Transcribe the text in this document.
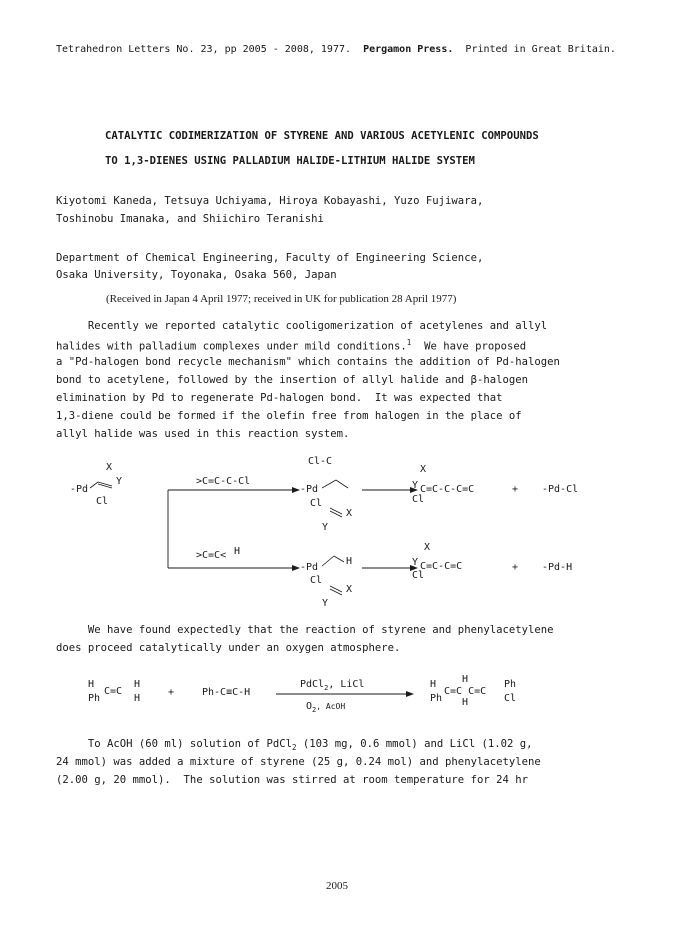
Tetrahedron Letters No. 23, pp 2005 - 2008, 1977. Pergamon Press. Printed in Great Britain.
CATALYTIC CODIMERIZATION OF STYRENE AND VARIOUS ACETYLENIC COMPOUNDS
TO 1,3-DIENES USING PALLADIUM HALIDE-LITHIUM HALIDE SYSTEM
Kiyotomi Kaneda, Tetsuya Uchiyama, Hiroya Kobayashi, Yuzo Fujiwara,
Toshinobu Imanaka, and Shiichiro Teranishi
Department of Chemical Engineering, Faculty of Engineering Science,
Osaka University, Toyonaka, Osaka 560, Japan
(Received in Japan 4 April 1977; received in UK for publication 28 April 1977)
Recently we reported catalytic cooligomerization of acetylenes and allyl
halides with palladium complexes under mild conditions.$^1$  We have proposed
a "Pd-halogen bond recycle mechanism" which contains the addition of Pd-halogen
bond to acetylene, followed by the insertion of allyl halide and β-halogen
elimination by Pd to regenerate Pd-halogen bond.  It was expected that
1,3-diene could be formed if the olefin free from halogen in the place of
allyl halide was used in this reaction system.
-Pd
X
Y
Cl
>C=C-C-Cl
Cl-C
-Pd
Cl
Y
X
X
Y C=C-C-C=C
Cl
+ -Pd-Cl
>C=C< H
-Pd
H
Cl
X
Y
X
Y C=C-C=C
Cl
+ -Pd-H
We have found expectedly that the reaction of styrene and phenylacetylene
does proceed catalytically under an oxygen atmosphere.
H
Ph
C=C
H
H
+	Ph-C≡C-H
PdCl$_2$, LiCl
$O_2^{, AcOH}$
H
Ph
C=C C=C
H
H
Ph
Cl
To AcOH (60 ml) solution of PdCl$_2$ (103 mg, 0.6 mmol) and LiCl (1.02 g,
24 mmol) was added a mixture of styrene (25 g, 0.24 mol) and phenylacetylene
(2.00 g, 20 mmol).  The solution was stirred at room temperature for 24 hr
2005
